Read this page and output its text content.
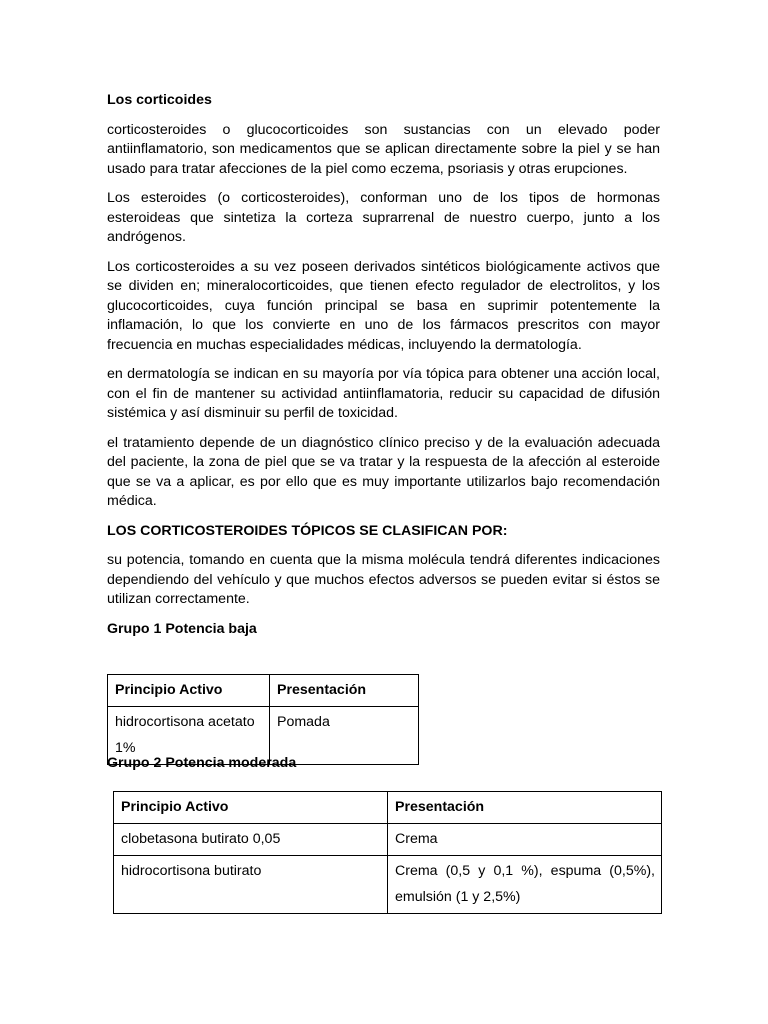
Los corticoides

corticosteroides o glucocorticoides son sustancias con un elevado poder antiinflamatorio, son medicamentos que se aplican directamente sobre la piel y se han usado para tratar afecciones de la piel como eczema, psoriasis y otras erupciones.

Los esteroides (o corticosteroides), conforman uno de los tipos de hormonas esteroideas que sintetiza la corteza suprarrenal de nuestro cuerpo, junto a los andrógenos.

Los corticosteroides a su vez poseen derivados sintéticos biológicamente activos que se dividen en; mineralocorticoides, que tienen efecto regulador de electrolitos, y los glucocorticoides, cuya función principal se basa en suprimir potentemente la inflamación, lo que los convierte en uno de los fármacos prescritos con mayor frecuencia en muchas especialidades médicas, incluyendo la dermatología.

en dermatología se indican en su mayoría por vía tópica para obtener una acción local, con el fin de mantener su actividad antiinflamatoria, reducir su capacidad de difusión sistémica y así disminuir su perfil de toxicidad.

el tratamiento depende de un diagnóstico clínico preciso y de la evaluación adecuada del paciente, la zona de piel que se va tratar y la respuesta de la afección al esteroide que se va a aplicar, es por ello que es muy importante utilizarlos bajo recomendación médica.

LOS CORTICOSTEROIDES TÓPICOS SE CLASIFICAN POR:

su potencia, tomando en cuenta que la misma molécula tendrá diferentes indicaciones dependiendo del vehículo y que muchos efectos adversos se pueden evitar si éstos se utilizan correctamente.

Grupo 1 Potencia baja

Principio Activo	Presentación
hidrocortisona acetato 1%	Pomada

Grupo 2 Potencia moderada

Principio Activo	Presentación
clobetasona butirato 0,05	Crema
hidrocortisona butirato	Crema (0,5 y 0,1 %), espuma (0,5%), emulsión (1 y 2,5%)
